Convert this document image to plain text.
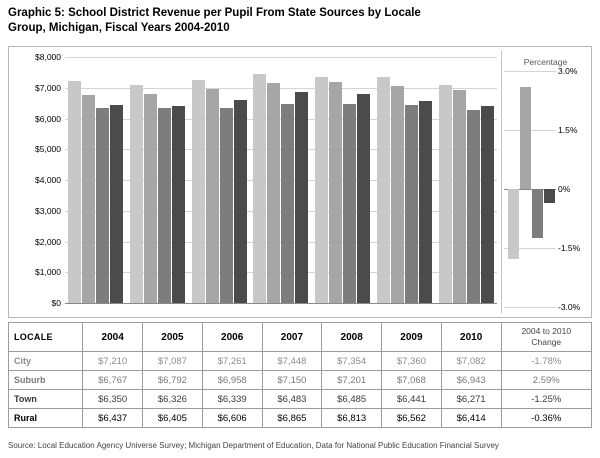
Graphic 5: School District Revenue per Pupil From State Sources by Locale Group, Michigan, Fiscal Years 2004-2010
$8,000
$7,000
$6,000
$5,000
$4,000
$3,000
$2,000
$1,000
$0
Percentage
3.0%
1.5%
0%
-1.5%
-3.0%
LOCALE	2004	2005	2006	2007	2008	2009	2010	2004 to 2010
Change

City	$7,210	$7,087	$7,261	$7,448	$7,354	$7,360	$7,082	-1.78%
Suburb	$6,767	$6,792	$6,958	$7,150	$7,201	$7,068	$6,943	2.59%
Town	$6,350	$6,326	$6,339	$6,483	$6,485	$6,441	$6,271	-1.25%
Rural	$6,437	$6,405	$6,606	$6,865	$6,813	$6,562	$6,414	-0.36%
Source: Local Education Agency Universe Survey; Michigan Department of Education, Data for National Public Education Financial Survey
